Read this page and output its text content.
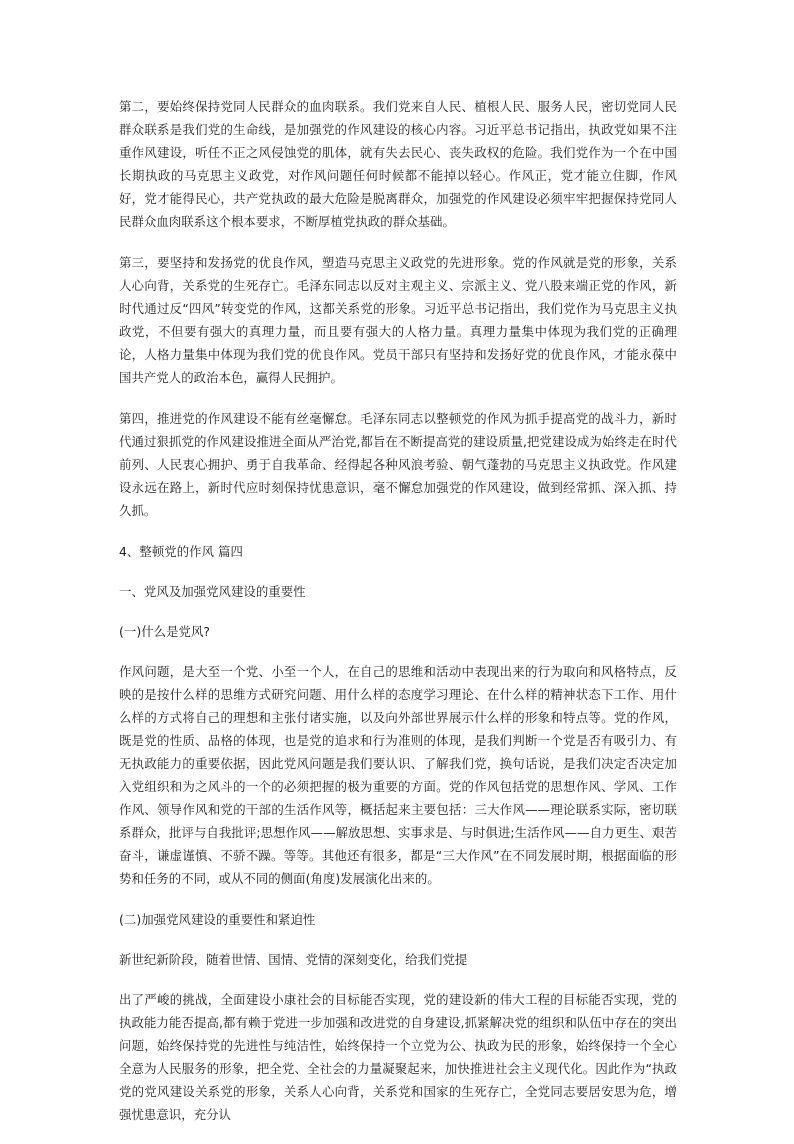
第二，要始终保持党同人民群众的血肉联系。我们党来自人民、植根人民、服务人民，密切党同人民群众联系是我们党的生命线，是加强党的作风建设的核心内容。习近平总书记指出，执政党如果不注重作风建设，听任不正之风侵蚀党的肌体，就有失去民心、丧失政权的危险。我们党作为一个在中国长期执政的马克思主义政党，对作风问题任何时候都不能掉以轻心。作风正，党才能立住脚，作风好，党才能得民心，共产党执政的最大危险是脱离群众，加强党的作风建设必须牢牢把握保持党同人民群众血肉联系这个根本要求，不断厚植党执政的群众基础。

第三，要坚持和发扬党的优良作风，塑造马克思主义政党的先进形象。党的作风就是党的形象，关系人心向背，关系党的生死存亡。毛泽东同志以反对主观主义、宗派主义、党八股来端正党的作风，新时代通过反“四风”转变党的作风，这都关系党的形象。习近平总书记指出，我们党作为马克思主义执政党，不但要有强大的真理力量，而且要有强大的人格力量。真理力量集中体现为我们党的正确理论，人格力量集中体现为我们党的优良作风。党员干部只有坚持和发扬好党的优良作风，才能永葆中国共产党人的政治本色，赢得人民拥护。

第四，推进党的作风建设不能有丝毫懈怠。毛泽东同志以整顿党的作风为抓手提高党的战斗力，新时代通过狠抓党的作风建设推进全面从严治党,都旨在不断提高党的建设质量,把党建设成为始终走在时代前列、人民衷心拥护、勇于自我革命、经得起各种风浪考验、朝气蓬勃的马克思主义执政党。作风建设永远在路上，新时代应时刻保持忧患意识，毫不懈怠加强党的作风建设，做到经常抓、深入抓、持久抓。

4、整顿党的作风 篇四

一、党风及加强党风建设的重要性

(一)什么是党风?

作风问题，是大至一个党、小至一个人，在自己的思维和活动中表现出来的行为取向和风格特点，反映的是按什么样的思维方式研究问题、用什么样的态度学习理论、在什么样的精神状态下工作、用什么样的方式将自己的理想和主张付诸实施，以及向外部世界展示什么样的形象和特点等。党的作风，既是党的性质、品格的体现，也是党的追求和行为准则的体现，是我们判断一个党是否有吸引力、有无执政能力的重要依据，因此党风问题是我们要认识、了解我们党，换句话说，是我们决定否决定加入党组织和为之风斗的一个的必须把握的极为重要的方面。党的作风包括党的思想作风、学风、工作作风、领导作风和党的干部的生活作风等，概括起来主要包括：三大作风——理论联系实际，密切联系群众，批评与自我批评;思想作风——解放思想、实事求是、与时俱进;生活作风——自力更生、艰苦奋斗，谦虚谨慎、不骄不躁。等等。其他还有很多，都是“三大作风”在不同发展时期，根据面临的形势和任务的不同，或从不同的侧面(角度)发展演化出来的。

(二)加强党风建设的重要性和紧迫性

新世纪新阶段，随着世情、国情、党情的深刻变化，给我们党提

出了严峻的挑战，全面建设小康社会的目标能否实现，党的建设新的伟大工程的目标能否实现，党的执政能力能否提高,都有赖于党进一步加强和改进党的自身建设,抓紧解决党的组织和队伍中存在的突出问题，始终保持党的先进性与纯洁性，始终保持一个立党为公、执政为民的形象，始终保持一个全心全意为人民服务的形象，把全党、全社会的力量凝聚起来，加快推进社会主义现代化。因此作为“执政党的党风建设关系党的形象，关系人心向背，关系党和国家的生死存亡，全党同志要居安思为危，增强忧患意识，充分认
